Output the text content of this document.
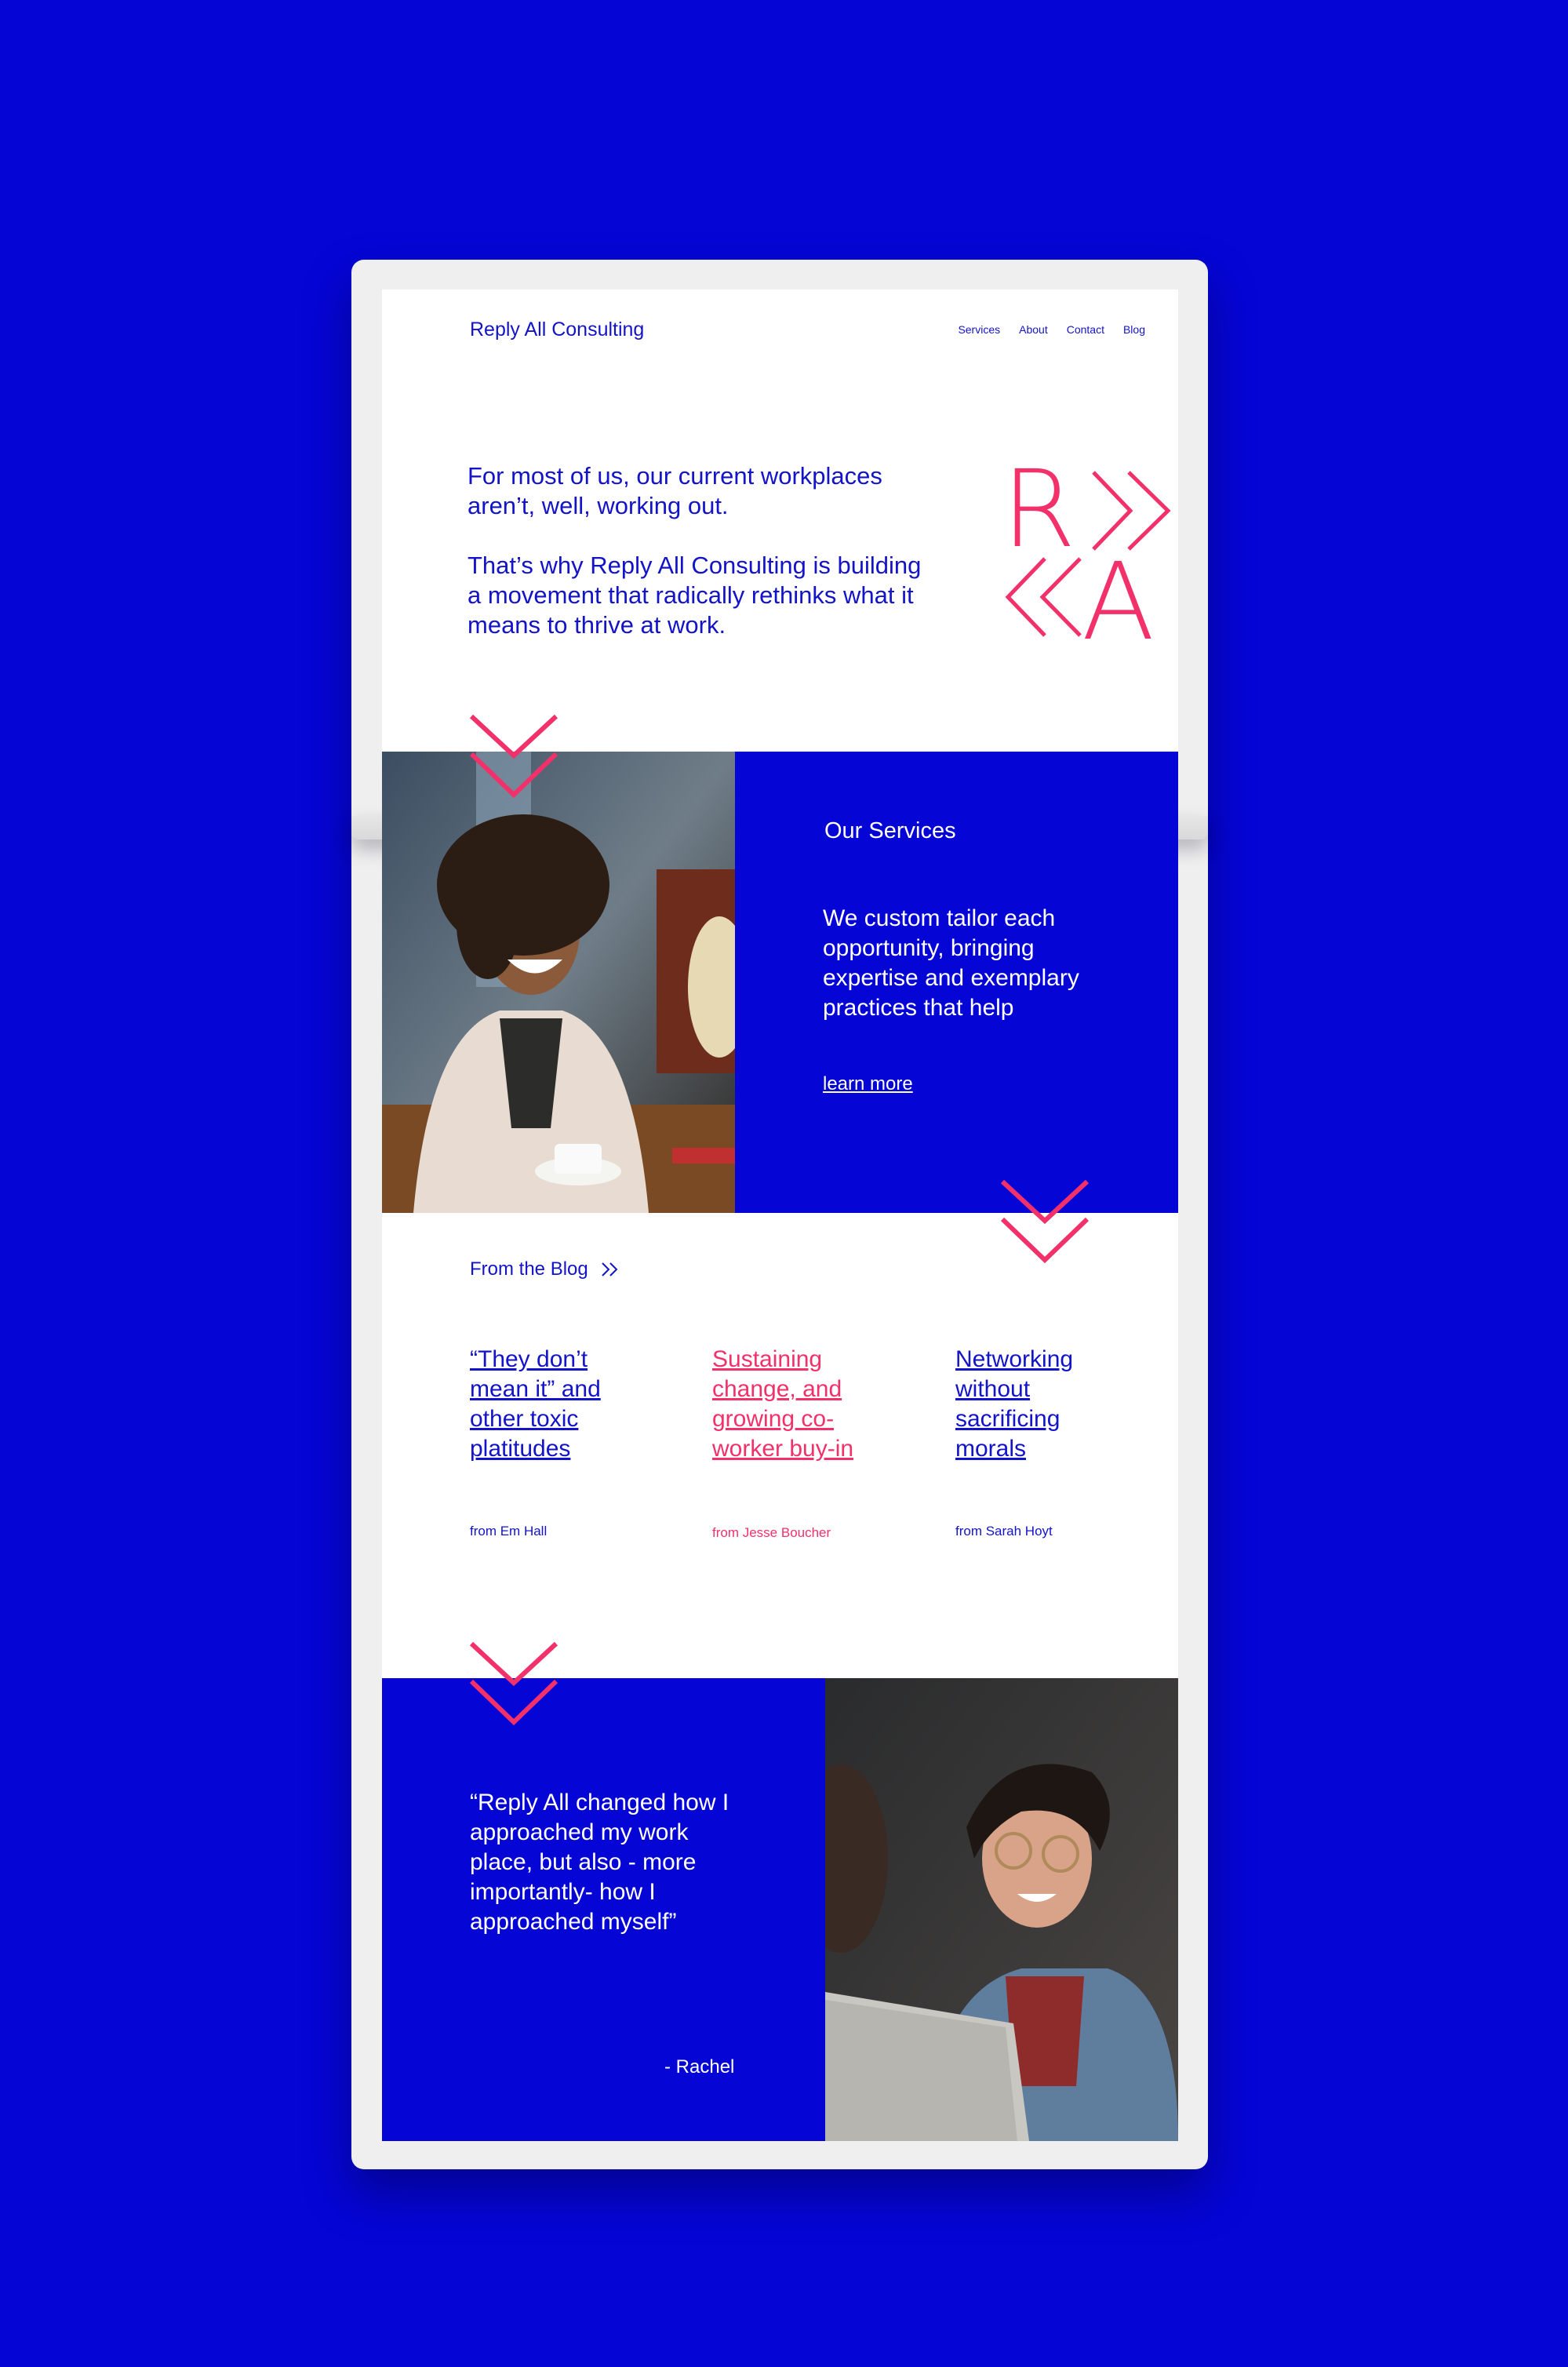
Reply All Consulting	Services About Contact Blog

For most of us, our current workplaces aren’t, well, working out.

That’s why Reply All Consulting is building a movement that radically rethinks what it means to thrive at work.

R
A
Our Services
We custom tailor each opportunity, bringing expertise and exemplary practices that help
learn more
From the Blog
“They don’t mean it” and other toxic platitudes
Sustaining change, and growing co-worker buy-in
Networking without sacrificing morals
from Em Hall	from Jesse Boucher	from Sarah Hoyt
“Reply All changed how I approached my work place, but also - more importantly- how I approached myself”
- Rachel
